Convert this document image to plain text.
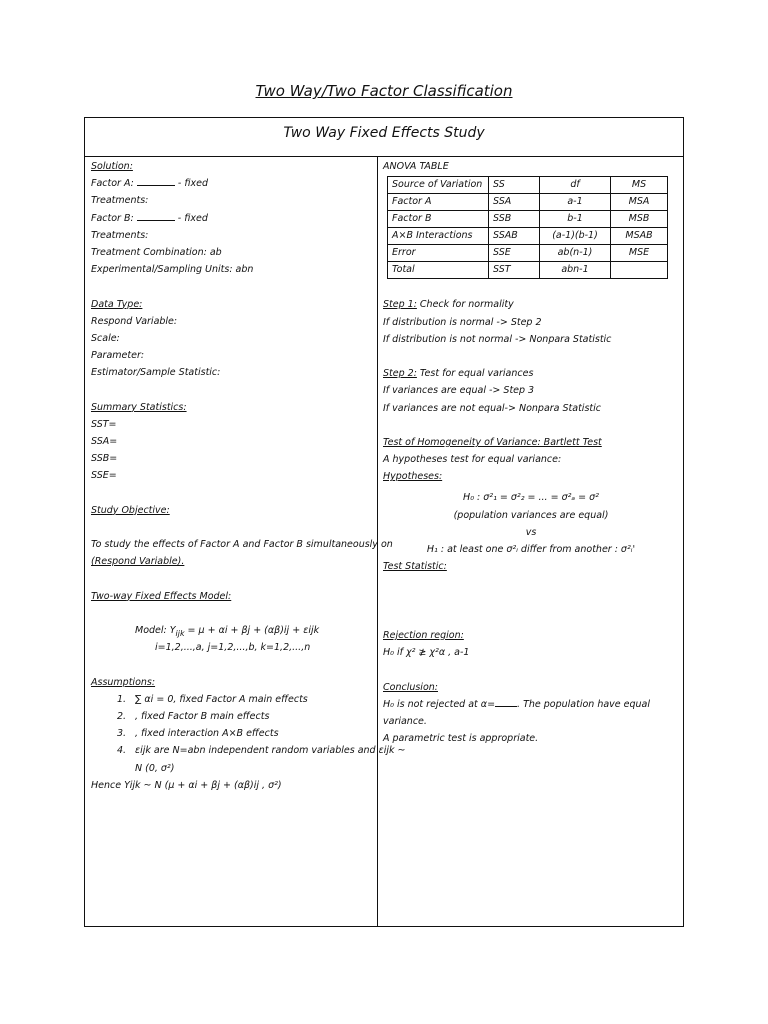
Two Way/Two Factor Classification
Two Way Fixed Effects Study
Solution:
Factor A:	- fixed
Treatments:
Factor B:	- fixed
Treatments:
Treatment Combination: ab
Experimental/Sampling Units: abn
Data Type:
Respond Variable:
Scale:
Parameter:
Estimator/Sample Statistic:
Summary Statistics:
SST=
SSA=
SSB=
SSE=
Study Objective:
To study the effects of Factor A and Factor B simultaneously on
(Respond Variable).
Two-way Fixed Effects Model:
Model: $Y_{ijk} = \mu + \alpha i + \beta j + (\alpha\beta)ij + \varepsilon ijk$
i=1,2,...,a, j=1,2,...,b, k=1,2,...,n
Assumptions:
1. ∑ αi = 0, fixed Factor A main effects
2. , fixed Factor B main effects
3. , fixed interaction A×B effects
4. εijk are N=abn independent random variables and εijk ~
N (0, σ²)
Hence Yijk ~ N (μ + αi + βj + (αβ)ij , σ²)
ANOVA TABLE
Source of Variation	SS	df	MS
Factor A	SSA	a-1	MSA
Factor B	SSB	b-1	MSB
A×B Interactions	SSAB	(a-1)(b-1)	MSAB
Error	SSE	ab(n-1)	MSE
Total	SST	abn-1	
Step 1: Check for normality
If distribution is normal -> Step 2
If distribution is not normal -> Nonpara Statistic
Step 2: Test for equal variances
If variances are equal -> Step 3
If variances are not equal-> Nonpara Statistic
Test of Homogeneity of Variance: Bartlett Test
A hypotheses test for equal variance:
Hypotheses:
H₀ : σ²₁ = σ²₂ = ... = σ²ₐ = σ²
(population variances are equal)
vs
H₁ : at least one σ²ᵢ differ from another : σ²ᵢ'
Test Statistic:
Rejection region:
H₀ if χ² ≱ χ²α , a-1
Conclusion:
H₀ is not rejected at α= . The population have equal
variance.
A parametric test is appropriate.
